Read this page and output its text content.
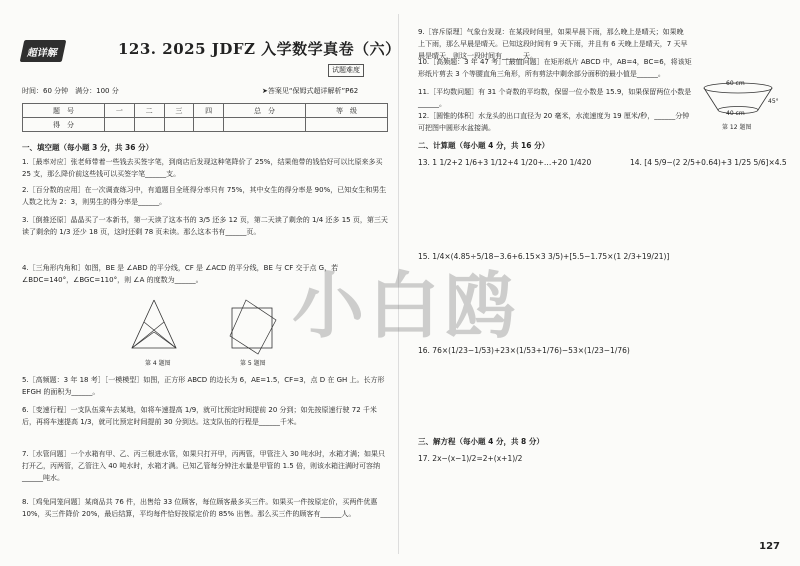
超详解	123. 2025 JDFZ 入学数学真卷（六）
试题难度
时间：60 分钟　满分：100 分	➤答案见“保姆式超详解析”P62
题　号	一	二	三	四	总　分	等　级
得　分						
一、填空题（每小题 3 分，共 36 分）
1.［最率对应］张老师带着一些钱去买签字笔，到商店后发现这种笔降价了 25%，结果他带的钱恰好可以比原来多买 25 支，那么降价前这些钱可以买签字笔______支。
2.［百分数的应用］在一次调查练习中，有道题目全班得分率只有 75%，其中女生的得分率是 90%，已知女生和男生人数之比为 2：3，则男生的得分率是______。
3.［倒推还原］晶晶买了一本新书，第一天读了这本书的 3/5 还多 12 页，第二天读了剩余的 1/4 还多 15 页，第三天读了剩余的 1/3 还少 18 页，这时还剩 78 页未读。那么这本书有______页。
4.［三角形内角和］如图，BE 是 ∠ABD 的平分线，CF 是 ∠ACD 的平分线，BE 与 CF 交于点 G，若 ∠BDC=140°，∠BGC=110°，则 ∠A 的度数为______。
第 4 题图	第 5 题图
5.［高频题：3 年 18 考］［一模模型］如图，正方形 ABCD 的边长为 6，AE=1.5，CF=3，点 D 在 GH 上。长方形 EFGH 的面积为______。
6.［变速行程］一支队伍乘车去某地，如将车速提高 1/9，就可比预定时间提前 20 分到；如先按原速行驶 72 千米后，再将车速提高 1/3，就可比预定时间提前 30 分到达。这支队伍的行程是______千米。
7.［水管问题］一个水箱有甲、乙、丙三根进水管，如果只打开甲，丙两管，甲管注入 30 吨水时，水箱才满；如果只打开乙，丙两管，乙管注入 40 吨水时，水箱才满。已知乙管每分钟注水量是甲管的 1.5 倍，则该水箱注满时可容纳______吨水。
8.［鸡兔同笼问题］某商品共 76 件，出售给 33 位顾客，每位顾客最多买三件。如果买一件按原定价，买两件优惠 10%，买三件降价 20%，最后结算，平均每件恰好按原定价的 85% 出售。那么买三件的顾客有______人。
9.［容斥原理］气象台发现：在某段时间里，如果早晨下雨，那么晚上是晴天；如果晚上下雨，那么早晨是晴天。已知这段时间有 9 天下雨，并且有 6 天晚上是晴天，7 天早晨是晴天，则这一段时间有______天。
10.［高频题：3 年 47 考］［最值问题］在矩形纸片 ABCD 中，AB=4，BC=6，将该矩形纸片剪去 3 个等腰直角三角形，所有剪法中剩余部分面积的最小值是______。
11.［平均数问题］有 31 个奇数的平均数，保留一位小数是 15.9，如果保留两位小数是______。
12.［圆锥的体积］水龙头的出口直径为 20 毫米，水流速度为 19 厘米/秒，______分钟可把图中圆形水盆接满。
60 cm
40 cm
45°
第 12 题图
二、计算题（每小题 4 分，共 16 分）
13. 1 1/2+2 1/6+3 1/12+4 1/20+…+20 1/420	14. [4 5/9−(2 2/5+0.64)+3 1/25 5/6]×4.5
15. 1/4×(4.85÷5/18−3.6+6.15×3 3/5)+[5.5−1.75×(1 2/3+19/21)]
16. 76×(1/23−1/53)+23×(1/53+1/76)−53×(1/23−1/76)
三、解方程（每小题 4 分，共 8 分）
17. 2x−(x−1)/2=2+(x+1)/2
小白鸥
127
